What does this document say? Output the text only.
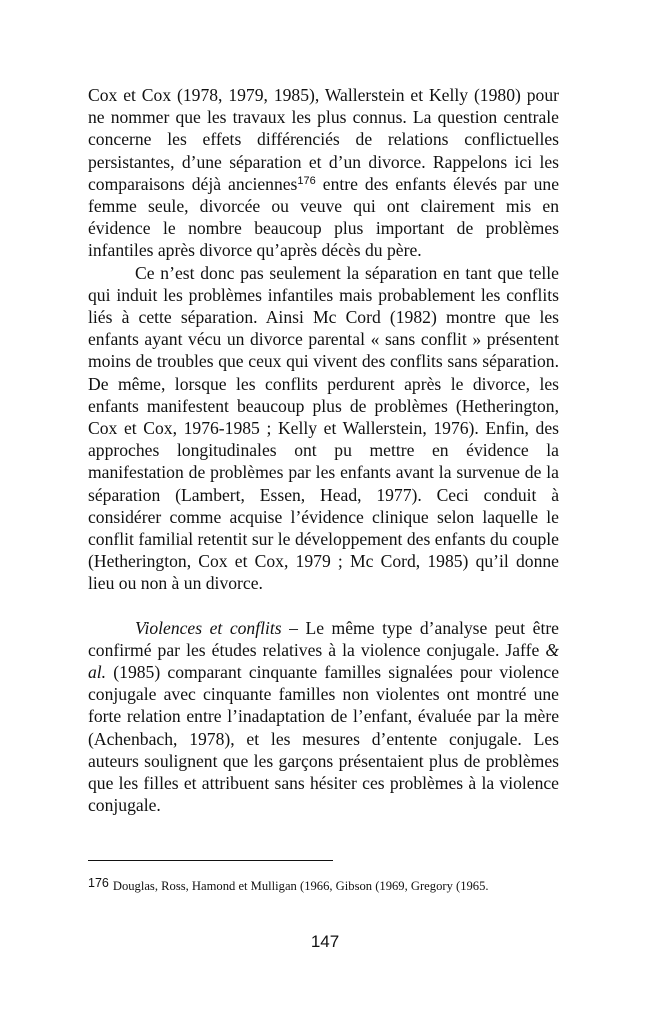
Cox et Cox (1978, 1979, 1985), Wallerstein et Kelly (1980) pour ne nommer que les travaux les plus connus. La question centrale concerne les effets différenciés de relations conflictuelles persistantes, d’une séparation et d’un divorce. Rappelons ici les comparaisons déjà anciennes$^{176}$ entre des enfants élevés par une femme seule, divorcée ou veuve qui ont clairement mis en évidence le nombre beaucoup plus important de problèmes infantiles après divorce qu’après décès du père.

Ce n’est donc pas seulement la séparation en tant que telle qui induit les problèmes infantiles mais probablement les conflits liés à cette séparation. Ainsi Mc Cord (1982) montre que les enfants ayant vécu un divorce parental « sans conflit » présentent moins de troubles que ceux qui vivent des conflits sans séparation. De même, lorsque les conflits perdurent après le divorce, les enfants manifestent beaucoup plus de problèmes (Hetherington, Cox et Cox, 1976-1985 ; Kelly et Wallerstein, 1976). Enfin, des approches longitudinales ont pu mettre en évidence la manifestation de problèmes par les enfants avant la survenue de la séparation (Lambert, Essen, Head, 1977). Ceci conduit à considérer comme acquise l’évidence clinique selon laquelle le conflit familial retentit sur le développement des enfants du couple (Hetherington, Cox et Cox, 1979 ; Mc Cord, 1985) qu’il donne lieu ou non à un divorce.

Violences et conflits – Le même type d’analyse peut être confirmé par les études relatives à la violence conjugale. Jaffe & al. (1985) comparant cinquante familles signalées pour violence conjugale avec cinquante familles non violentes ont montré une forte relation entre l’inadaptation de l’enfant, évaluée par la mère (Achenbach, 1978), et les mesures d’entente conjugale. Les auteurs soulignent que les garçons présentaient plus de problèmes que les filles et attribuent sans hésiter ces problèmes à la violence conjugale.

176 Douglas, Ross, Hamond et Mulligan (1966, Gibson (1969, Gregory (1965.

147
